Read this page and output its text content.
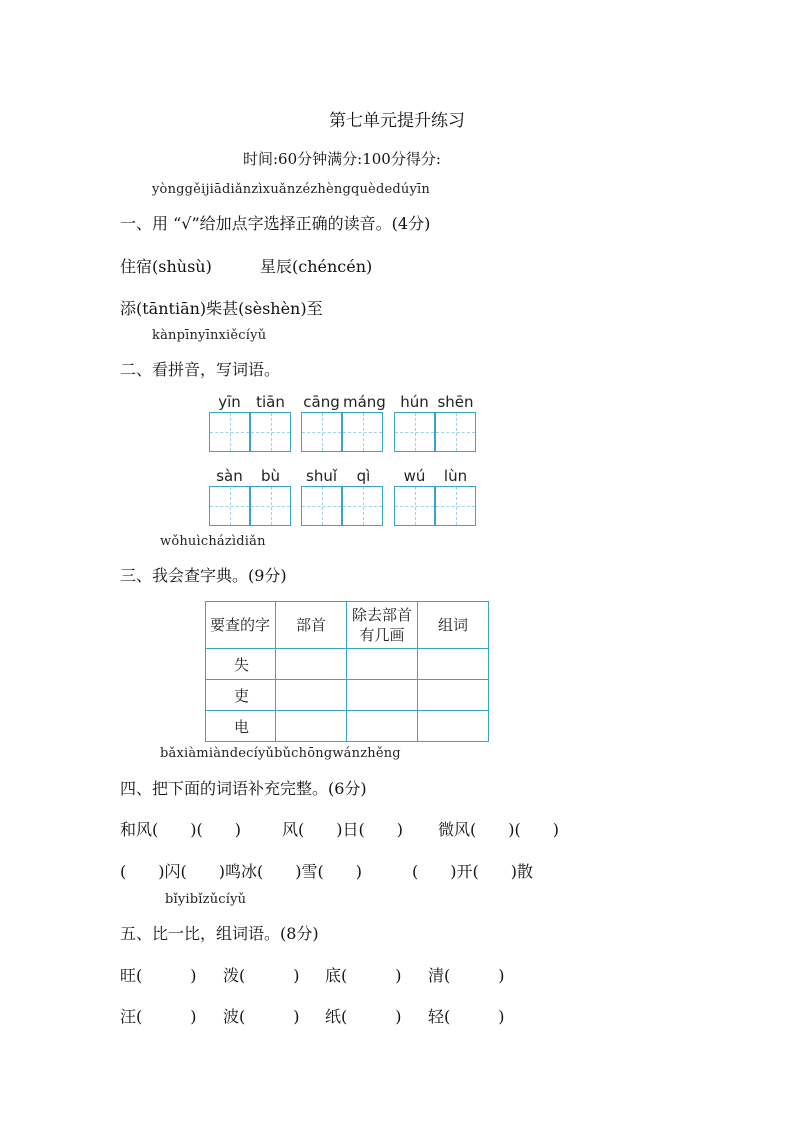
第七单元提升练习
时间:60分钟满分:100分得分:
yònggěijiādiǎnzìxuǎnzézhèngquèdedúyīn
一、用 “√”给加点字选择正确的读音。(4分)
住宿(shùsù)	星辰(chéncén)
添(tāntiān)柴甚(sèshèn)至
kànpīnyīnxiěcíyǔ
二、看拼音，写词语。
yīn	tiān	cāng máng hún shēn
sàn	bù	shuǐ	qì	wú	lùn
wǒhuìcházìdiǎn
三、我会查字典。(9分)
要查的字	部首	除去部首有几画	组词
失			
吏			
电			
bǎxiàmiàndecíyǔbǔchōngwánzhěng
四、把下面的词语补充完整。(6分)
和风(　　)(　　)	风(　　)日(　　) 微风(　　)(　　)
(　　)闪(　　)鸣冰(　　)雪(　　)	(　　)开(　　)散
bǐyibǐzǔcíyǔ
五、比一比，组词语。(8分)
旺(　　　) 泼(　　　) 底(　　　) 清(　　　)
汪(　　　) 波(　　　) 纸(　　　) 轻(　　　)
